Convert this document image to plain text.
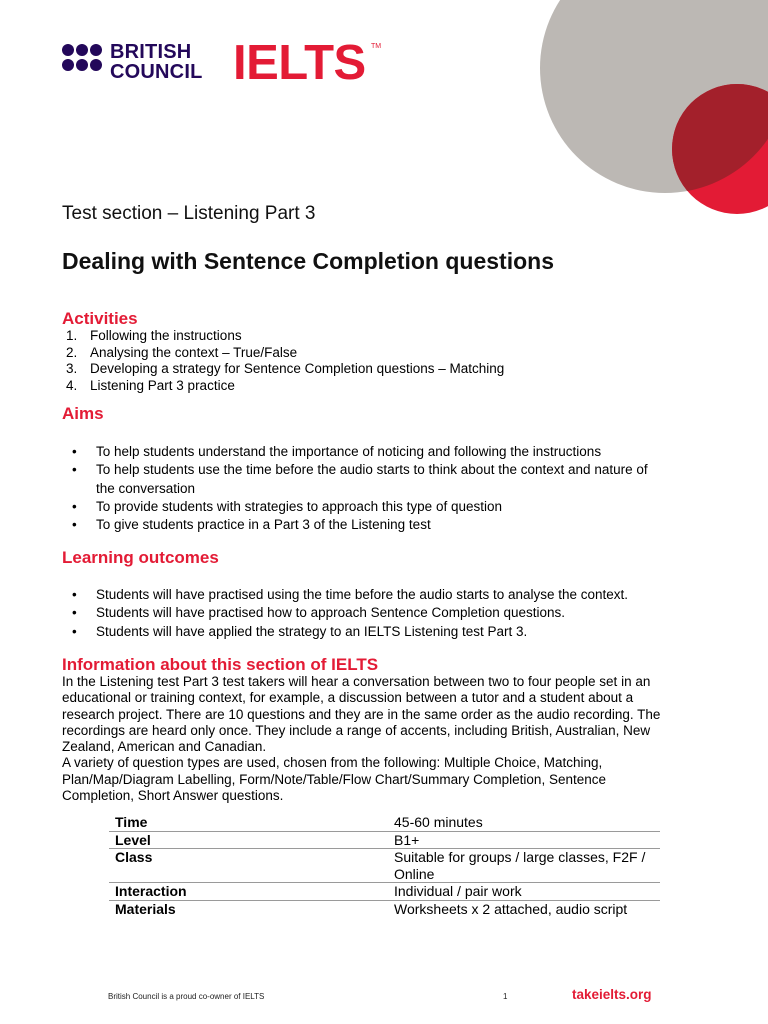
BRITISH
COUNCIL IELTS TM
Test section – Listening Part 3
Dealing with Sentence Completion questions
Activities
1. Following the instructions
2. Analysing the context – True/False
3. Developing a strategy for Sentence Completion questions – Matching
4. Listening Part 3 practice
Aims
• To help students understand the importance of noticing and following the instructions
• To help students use the time before the audio starts to think about the context and nature of the conversation
• To provide students with strategies to approach this type of question
• To give students practice in a Part 3 of the Listening test
Learning outcomes
• Students will have practised using the time before the audio starts to analyse the context.
• Students will have practised how to approach Sentence Completion questions.
• Students will have applied the strategy to an IELTS Listening test Part 3.
Information about this section of IELTS
In the Listening test Part 3 test takers will hear a conversation between two to four people set in an educational or training context, for example, a discussion between a tutor and a student about a research project. There are 10 questions and they are in the same order as the audio recording. The recordings are heard only once. They include a range of accents, including British, Australian, New Zealand, American and Canadian.
A variety of question types are used, chosen from the following: Multiple Choice, Matching, Plan/Map/Diagram Labelling, Form/Note/Table/Flow Chart/Summary Completion, Sentence Completion, Short Answer questions.
Time	45-60 minutes
Level	B1+
Class	Suitable for groups / large classes, F2F / Online
Interaction	Individual / pair work
Materials	Worksheets x 2 attached, audio script
British Council is a proud co-owner of IELTS	1	takeielts.org
